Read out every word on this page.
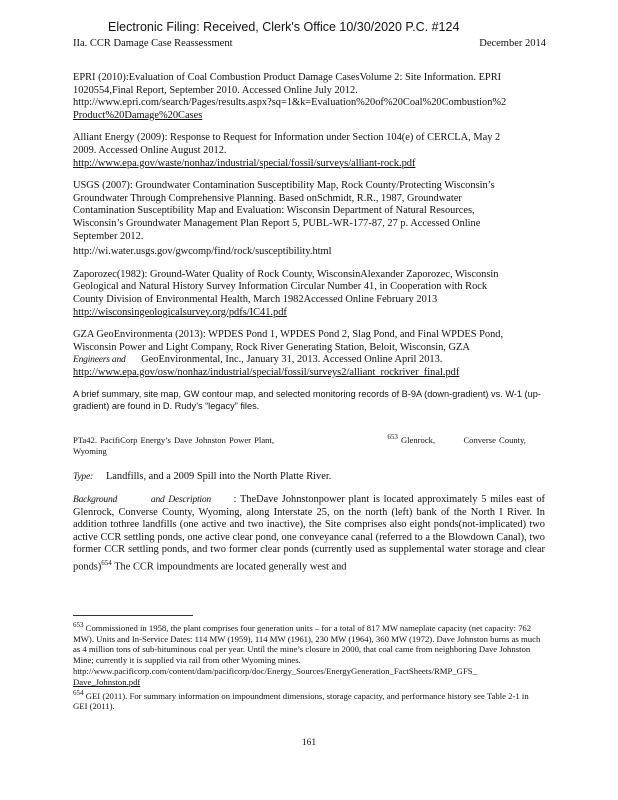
Electronic Filing: Received, Clerk's Office 10/30/2020 P.C. #124
IIa. CCR Damage Case Reassessment	December 2014

EPRI (2010):Evaluation of Coal Combustion Product Damage CasesVolume 2: Site Information. EPRI

1020554,Final Report, September 2010. Accessed Online July 2012.

http://www.epri.com/search/Pages/results.aspx?sq=1&k=Evaluation%20of%20Coal%20Combustion%2

Product%20Damage%20Cases

Alliant Energy (2009): Response to Request for Information under Section 104(e) of CERCLA, May 2

2009. Accessed Online August 2012.

http://www.epa.gov/waste/nonhaz/industrial/special/fossil/surveys/alliant-rock.pdf

USGS (2007): Groundwater Contamination Susceptibility Map, Rock County/Protecting Wisconsin’s

Groundwater Through Comprehensive Planning. Based onSchmidt, R.R., 1987, Groundwater

Contamination Susceptibility Map and Evaluation: Wisconsin Department of Natural Resources,

Wisconsin’s Groundwater Management Plan Report 5, PUBL-WR-177-87, 27 p. Accessed Online

September 2012.

http://wi.water.usgs.gov/gwcomp/find/rock/susceptibility.html

Zaporozec(1982): Ground-Water Quality of Rock County, WisconsinAlexander Zaporozec, Wisconsin

Geological and Natural History Survey Information Circular Number 41, in Cooperation with Rock

County Division of Environmental Health, March 1982Accessed Online February 2013

http://wisconsingeologicalsurvey.org/pdfs/IC41.pdf

GZA GeoEnvironmenta (2013): WPDES Pond 1, WPDES Pond 2, Slag Pond, and Final WPDES Pond,

Wisconsin Power and Light Company, Rock River Generating Station, Beloit, Wisconsin, GZA

Engineers and GeoEnvironmental, Inc., January 31, 2013. Accessed Online April 2013.

http://www.epa.gov/osw/nonhaz/industrial/special/fossil/surveys2/alliant_rockriver_final.pdf

A brief summary, site map, GW contour map, and selected monitoring records of B-9A (down-gradient) vs. W-1 (up-gradient) are found in D. Rudy’s “legacy” files.

PTa42. PacifiCorp Energy’s Dave Johnston Power Plant,	$^{653}$ Glenrock,	Converse County,
Wyoming

Type: Landfills, and a 2009 Spill into the North Platte River.

Background	and Description : TheDave Johnstonpower plant is located approximately 5 miles east of Glenrock, Converse County, Wyoming, along Interstate 25, on the north (left) bank of the North I River. In addition tothree landfills (one active and two inactive), the Site comprises also eight ponds(not-implicated) two active CCR settling ponds, one active clear pond, one conveyance canal (referred to a the Blowdown Canal), two former CCR settling ponds, and two former clear ponds (currently used as supplemental water storage and clear ponds)$^{654}$ The CCR impoundments are located generally west and

$^{653}$ Commissioned in 1958, the plant comprises four generation units – for a total of 817 MW nameplate capacity (net capacity: 762 MW). Units and In-Service Dates: 114 MW (1959), 114 MW (1961), 230 MW (1964), 360 MW (1972). Dave Johnston burns as much as 4 million tons of sub-bituminous coal per year. Until the mine’s closure in 2000, that coal came from neighboring Dave Johnston Mine; currently it is supplied via rail from other Wyoming mines.

http://www.pacificorp.com/content/dam/pacificorp/doc/Energy_Sources/EnergyGeneration_FactSheets/RMP_GFS_

Dave_Johnston.pdf

$^{654}$ GEI (2011). For summary information on impoundment dimensions, storage capacity, and performance history see Table 2-1 in GEI (2011).

161
